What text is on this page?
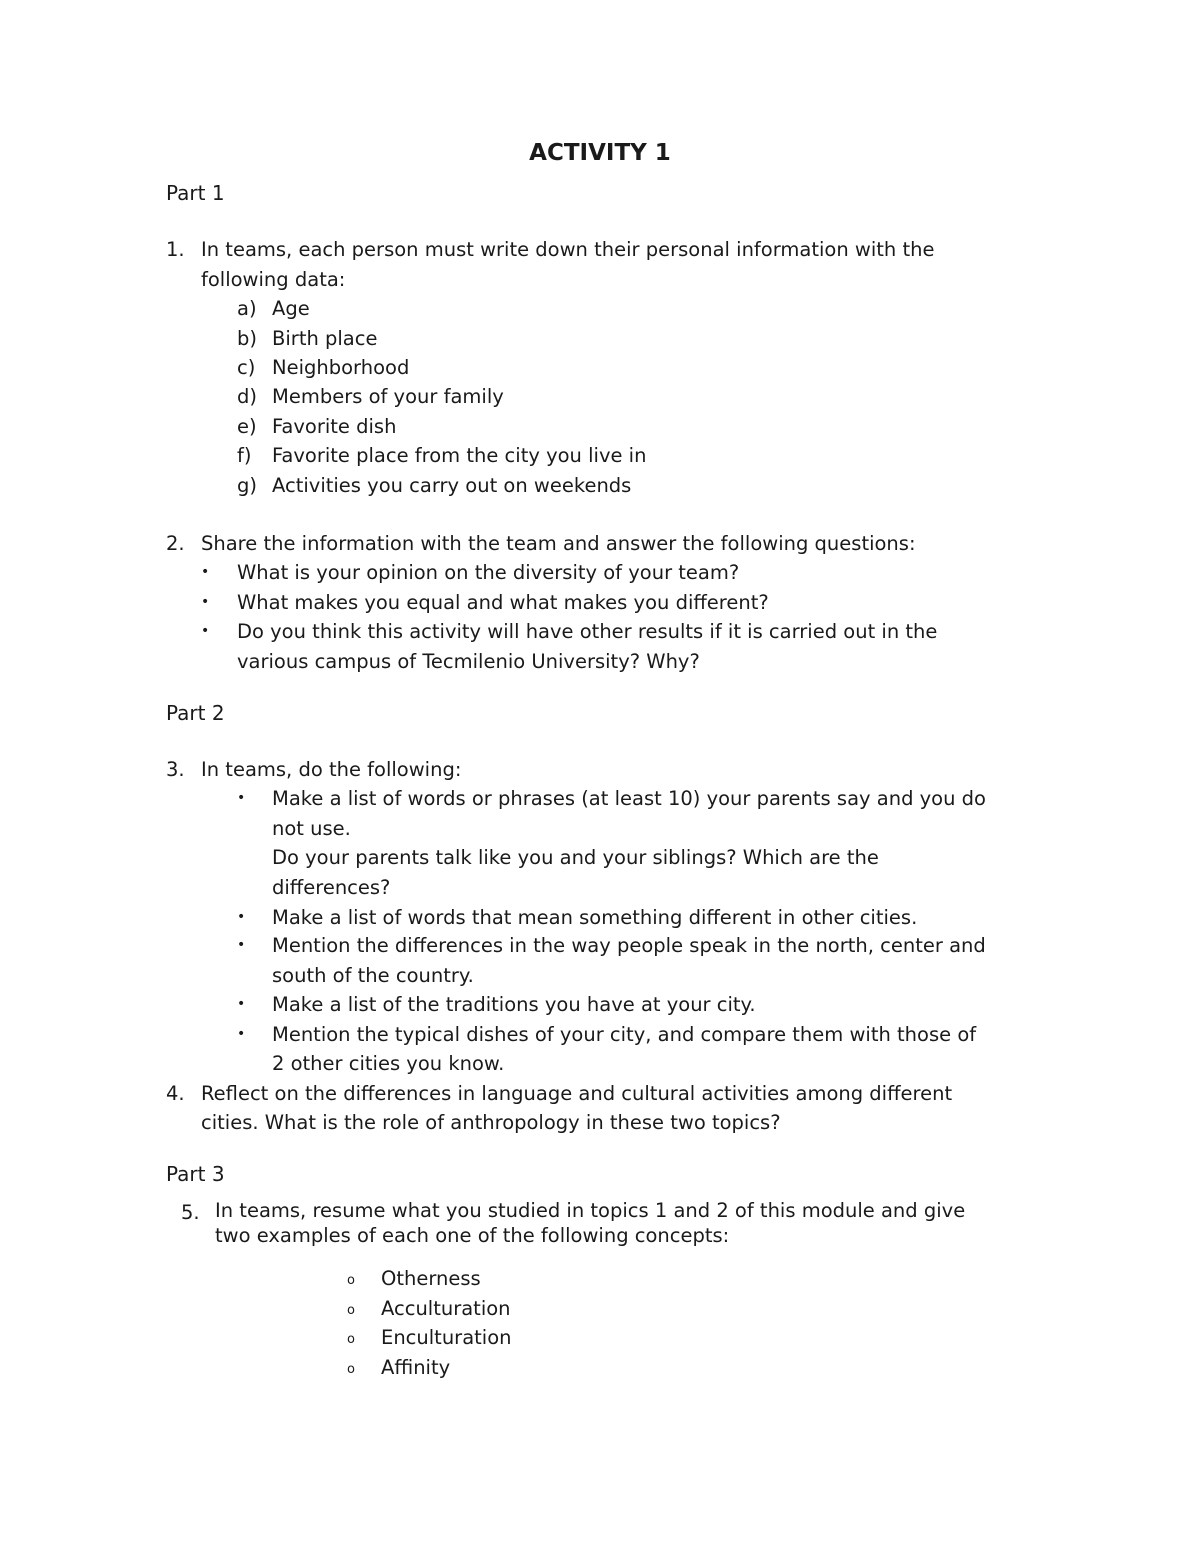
ACTIVITY 1
Part 1
1. In teams, each person must write down their personal information with the
following data:
a) Age
b) Birth place
c) Neighborhood
d) Members of your family
e) Favorite dish
f)	Favorite place from the city you live in
g) Activities you carry out on weekends
2. Share the information with the team and answer the following questions:
• What is your opinion on the diversity of your team?
• What makes you equal and what makes you different?
• Do you think this activity will have other results if it is carried out in the
various campus of Tecmilenio University? Why?
Part 2
3. In teams, do the following:
• Make a list of words or phrases (at least 10) your parents say and you do
not use.
Do your parents talk like you and your siblings? Which are the
differences?
• Make a list of words that mean something different in other cities.
• Mention the differences in the way people speak in the north, center and
south of the country.
• Make a list of the traditions you have at your city.
• Mention the typical dishes of your city, and compare them with those of
2 other cities you know.
4. Reflect on the differences in language and cultural activities among different
cities. What is the role of anthropology in these two topics?
Part 3
5. In teams, resume what you studied in topics 1 and 2 of this module and give
two examples of each one of the following concepts:
o Otherness
o Acculturation
o Enculturation
o Affinity
